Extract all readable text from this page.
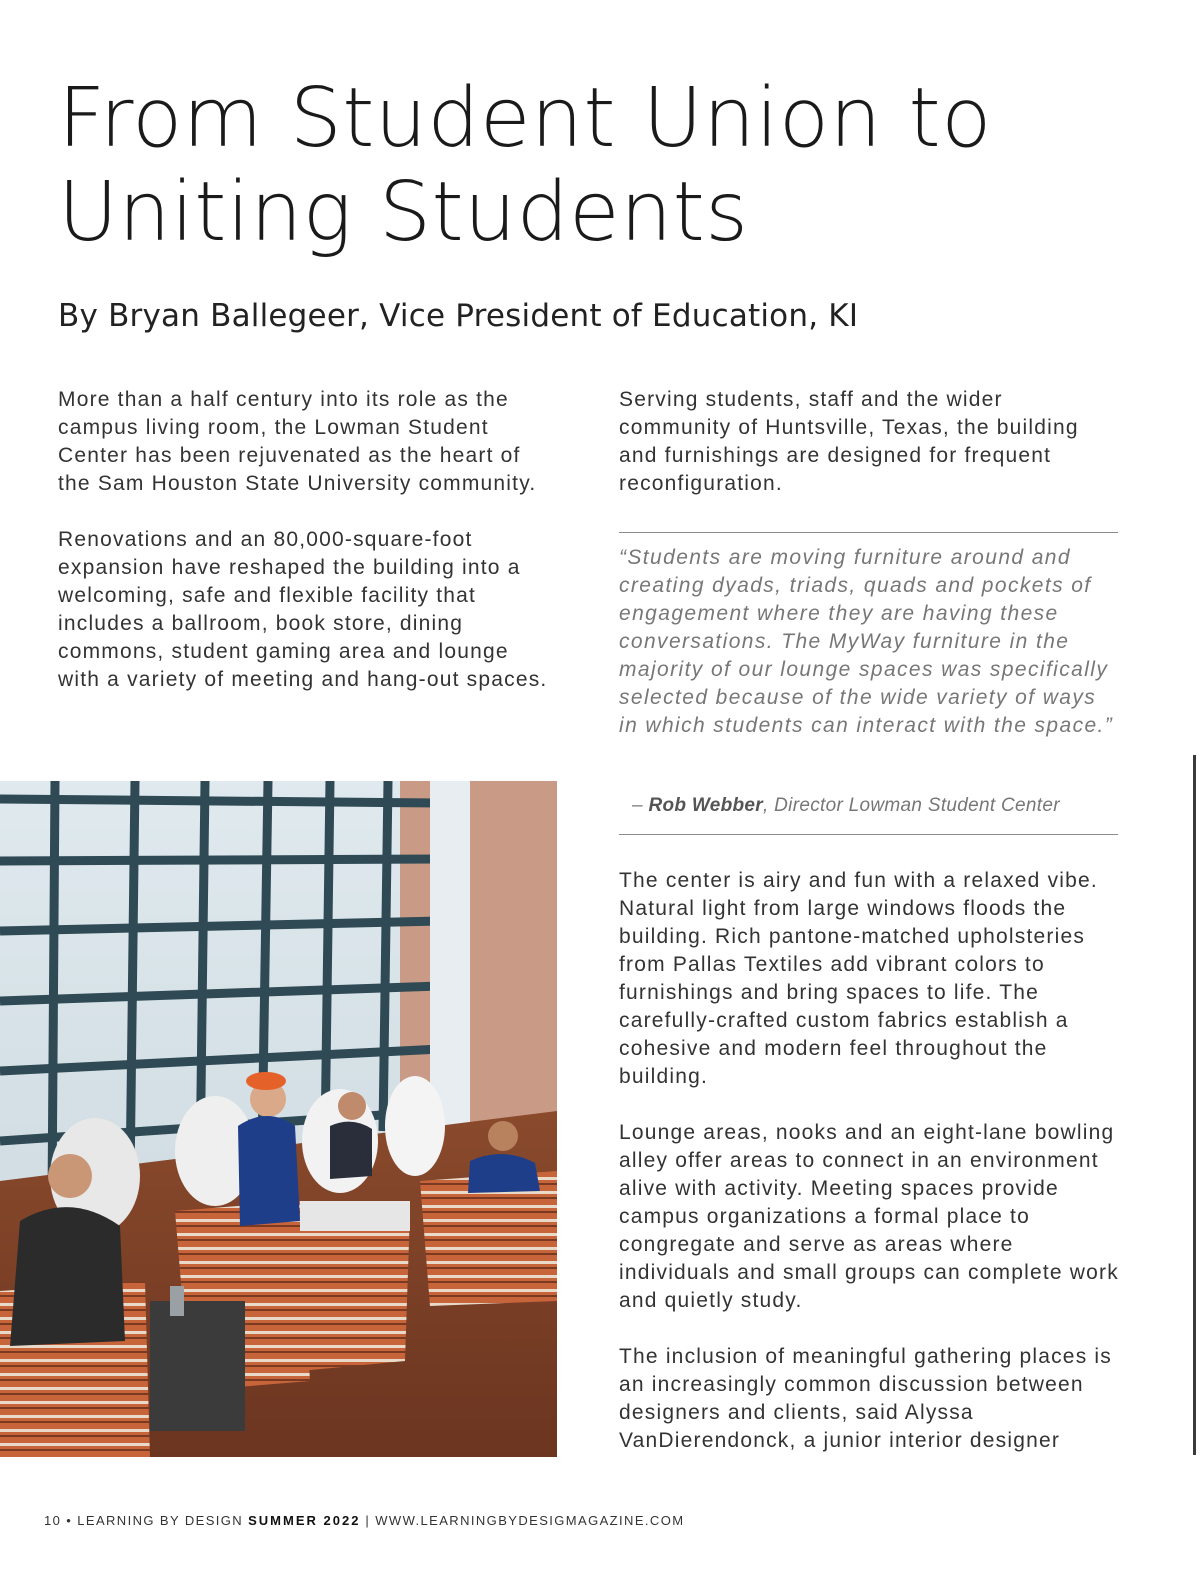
From Student Union to
Uniting Students
By Bryan Ballegeer, Vice President of Education, KI

More than a half century into its role as the campus living room, the Lowman Student Center has been rejuvenated as the heart of the Sam Houston State University community.

Renovations and an 80,000-square-foot expansion have reshaped the building into a welcoming, safe and flexible facility that includes a ballroom, book store, dining commons, student gaming area and lounge with a variety of meeting and hang-out spaces.

Serving students, staff and the wider community of Huntsville, Texas, the building and furnishings are designed for frequent reconfiguration.

“Students are moving furniture around and creating dyads, triads, quads and pockets of engagement where they are having these conversations. The MyWay furniture in the majority of our lounge spaces was specifically selected because of the wide variety of ways in which students can interact with the space.”

– Rob Webber, Director Lowman Student Center

The center is airy and fun with a relaxed vibe. Natural light from large windows floods the building. Rich pantone-matched upholsteries from Pallas Textiles add vibrant colors to furnishings and bring spaces to life. The carefully-crafted custom fabrics establish a cohesive and modern feel throughout the building.

Lounge areas, nooks and an eight-lane bowling alley offer areas to connect in an environment alive with activity. Meeting spaces provide campus organizations a formal place to congregate and serve as areas where individuals and small groups can complete work and quietly study.

The inclusion of meaningful gathering places is an increasingly common discussion between designers and clients, said Alyssa VanDierendonck, a junior interior designer

10 • LEARNING BY DESIGN SUMMER 2022 | WWW.LEARNINGBYDESIGMAGAZINE.COM
